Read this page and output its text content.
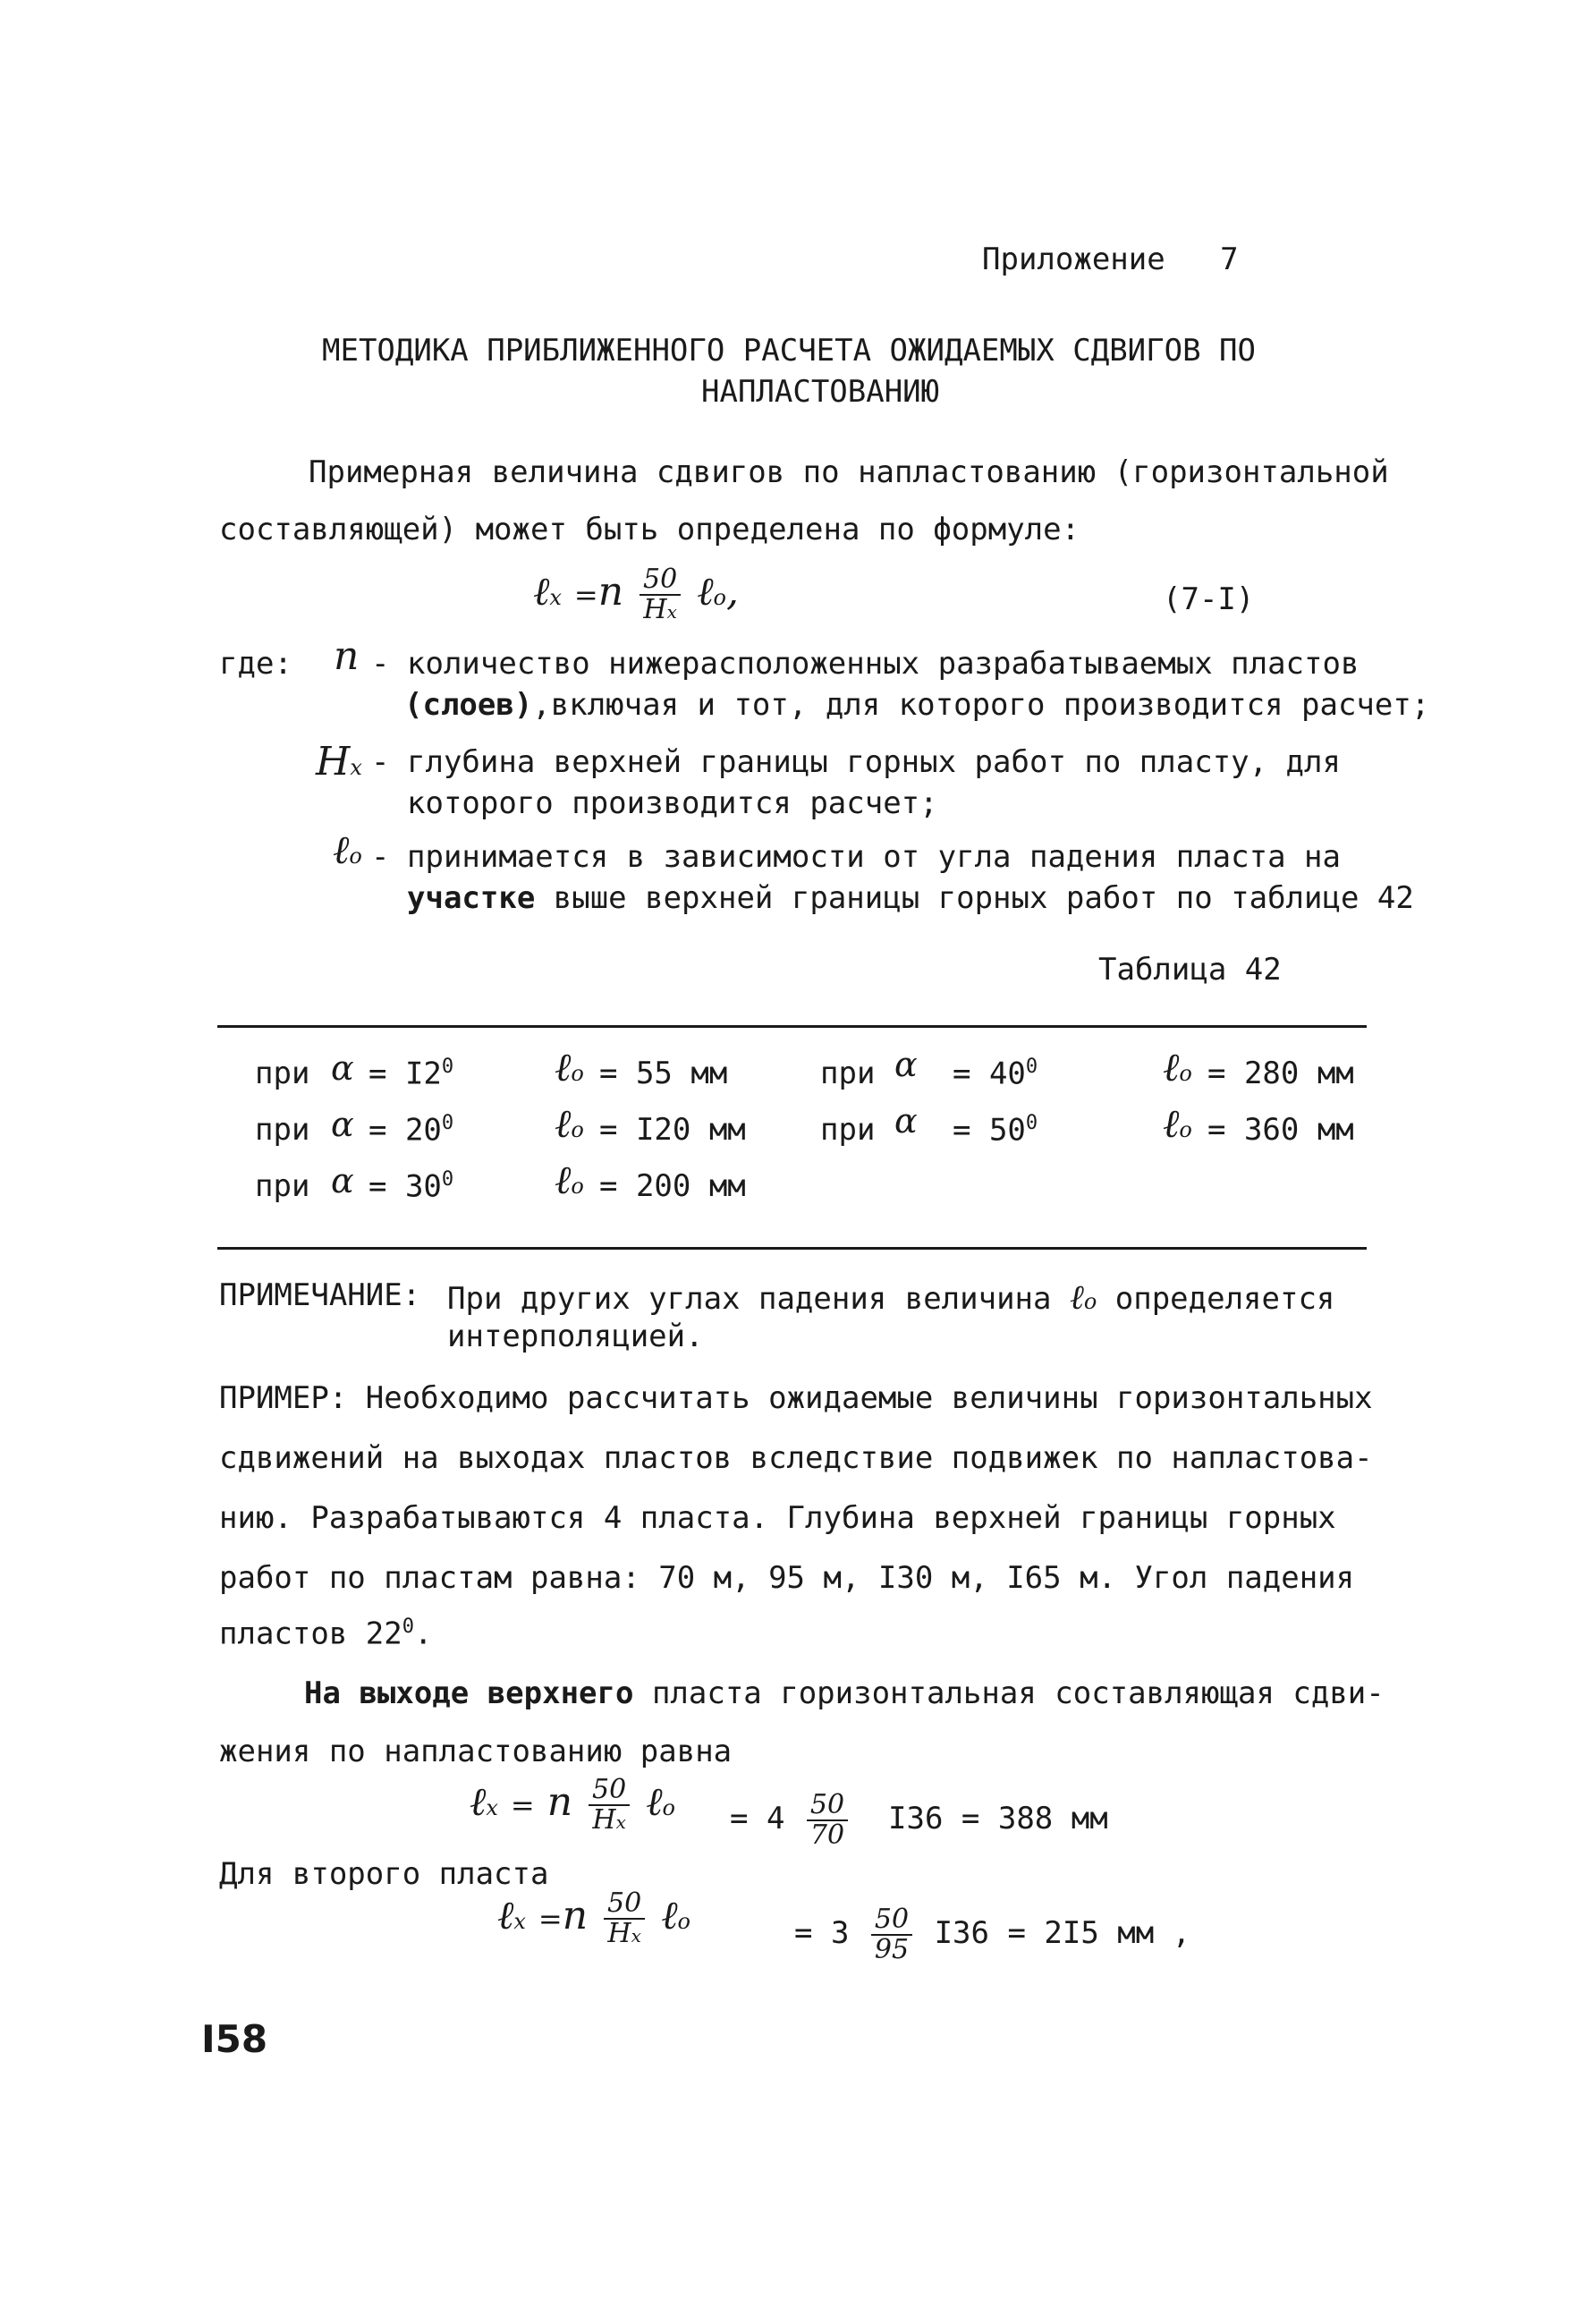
Приложение 7
МЕТОДИКА ПРИБЛИЖЕННОГО РАСЧЕТА ОЖИДАЕМЫХ СДВИГОВ ПО
НАПЛАСТОВАНИЮ
Примерная величина сдвигов по напластованию (горизонтальной
составляющей) может быть определена по формуле:
ℓx $=n \frac{50}{Hx}$ ℓo,	(7-I)
где: n - количество нижерасположенных разрабатываемых пластов
(слоев),включая и тот, для которого производится расчет;
Hx - глубина верхней границы горных работ по пласту, для
которого производится расчет;
ℓo - принимается в зависимости от угла падения пласта на
участке выше верхней границы горных работ по таблице 42
Таблица 42
при $\alpha = I2^0$	ℓo = 55 мм	при $\alpha = 40^0$	ℓo = 280 мм
при $\alpha = 20^0$	ℓo = I20 мм при $\alpha = 50^0$	ℓo = 360 мм
при $\alpha = 30^0$	ℓo = 200 мм
ПРИМЕЧАНИЕ: При других углах падения величина ℓo определяется
интерполяцией.
ПРИМЕР: Необходимо рассчитать ожидаемые величины горизонтальных
сдвижений на выходах пластов вследствие подвижек по напластова-
нию. Разрабатываются 4 пласта. Глубина верхней границы горных
работ по пластам равна: 70 м, 95 м, I30 м, I65 м. Угол падения
пластов $22^0$.
На выходе верхнего пласта горизонтальная составляющая сдви-
жения по напластованию равна
ℓx = n $\frac{50}{Hx}$ ℓo = $4 \frac{50}{70} I36 = 388$ мм
Для второго пласта
ℓx $=n \frac{50}{Hx}$ ℓo	= $3 \frac{50}{95} I36 = 2I5$ мм ,
I58
